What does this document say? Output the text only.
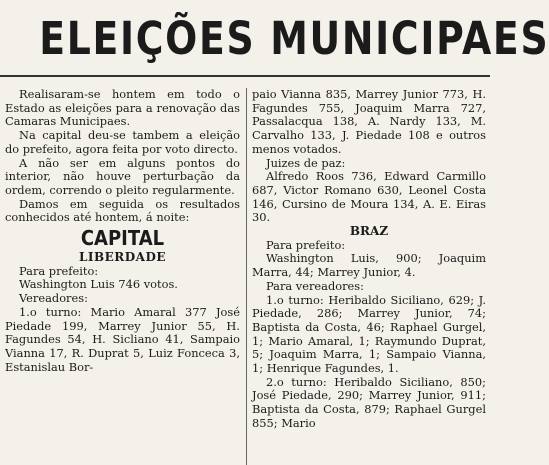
ELEIÇÕES MUNICIPAES

Realisaram-se hontem em todo o Estado as eleições para a renovação das Camaras Municipaes.

Na capital deu-se tambem a eleição do prefeito, agora feita por voto directo.

A não ser em alguns pontos do interior, não houve perturbação da ordem, correndo o pleito regularmente.

Damos em seguida os resultados conhecidos até hontem, á noite:

CAPITAL

LIBERDADE

Para prefeito:

Washington Luis 746 votos.

Vereadores:

1.o turno: Mario Amaral 377 José Piedade 199, Marrey Junior 55, H. Fagundes 54, H. Sicliano 41, Sampaio Vianna 17, R. Duprat 5, Luiz Fonceca 3, Estanislau Bor-

paio Vianna 835, Marrey Junior 773, H. Fagundes 755, Joaquim Marra 727, Passalacqua 138, A. Nardy 133, M. Carvalho 133, J. Piedade 108 e outros menos votados.

Juizes de paz:

Alfredo Roos 736, Edward Carmillo 687, Victor Romano 630, Leonel Costa 146, Cursino de Moura 134, A. E. Eiras 30.

BRAZ

Para prefeito:

Washington Luis, 900; Joaquim Marra, 44; Marrey Junior, 4.

Para vereadores:

1.o turno: Heribaldo Siciliano, 629; J. Piedade, 286; Marrey Junior, 74; Baptista da Costa, 46; Raphael Gurgel, 1; Mario Amaral, 1; Raymundo Duprat, 5; Joaquim Marra, 1; Sampaio Vianna, 1; Henrique Fagundes, 1.

2.o turno: Heribaldo Siciliano, 850; José Piedade, 290; Marrey Junior, 911; Baptista da Costa, 879; Raphael Gurgel 855; Mario
